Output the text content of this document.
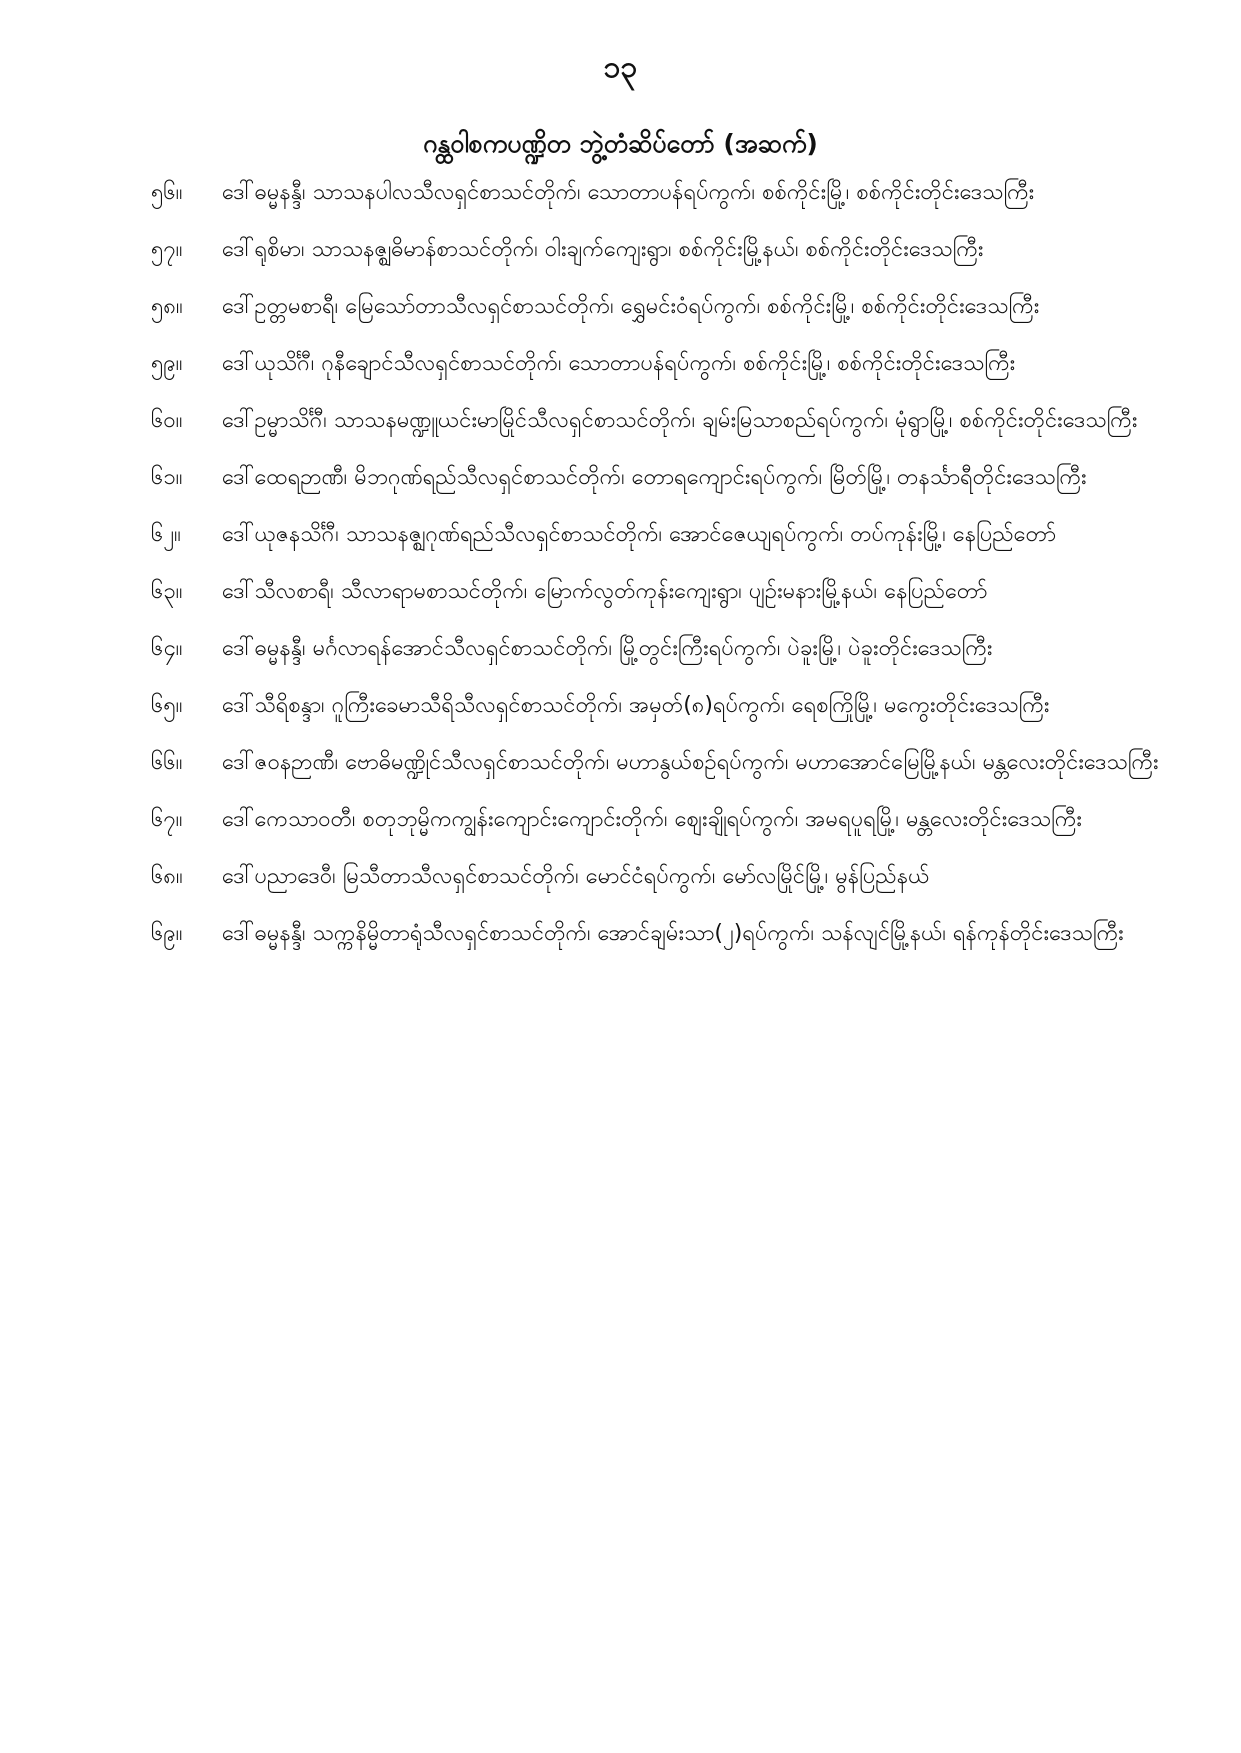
၁၃
ဂန္ထဝါစကပဏ္ဍိတ ဘွဲ့တံဆိပ်တော် (အဆက်)
၅၆။	ဒေါ်ဓမ္မနန္ဒီ၊ သာသနပါလသီလရှင်စာသင်တိုက်၊ သောတာပန်ရပ်ကွက်၊ စစ်ကိုင်းမြို့၊ စစ်ကိုင်းတိုင်းဒေသကြီး
၅၇။	ဒေါ်ရုစိမာ၊ သာသနဇ္ဈဓိမာန်စာသင်တိုက်၊ ဝါးချက်ကျေးရွာ၊ စစ်ကိုင်းမြို့နယ်၊ စစ်ကိုင်းတိုင်းဒေသကြီး
၅၈။	ဒေါ်ဥတ္တမစာရီ၊ မြေသော်တာသီလရှင်စာသင်တိုက်၊ ရွှေမင်းဝံရပ်ကွက်၊ စစ်ကိုင်းမြို့၊ စစ်ကိုင်းတိုင်းဒေသကြီး
၅၉။	ဒေါ်ယုသိင်္ဂီ၊ ဂုနီချောင်သီလရှင်စာသင်တိုက်၊ သောတာပန်ရပ်ကွက်၊ စစ်ကိုင်းမြို့၊ စစ်ကိုင်းတိုင်းဒေသကြီး
၆၀။	ဒေါ်ဥမ္မာသိင်္ဂီ၊ သာသနမဏ္ဍူယင်းမာမြိုင်သီလရှင်စာသင်တိုက်၊ ချမ်းမြသာစည်ရပ်ကွက်၊ မုံရွာမြို့၊ စစ်ကိုင်းတိုင်းဒေသကြီး
၆၁။	ဒေါ်ထေရဉာဏီ၊ မိဘဂုဏ်ရည်သီလရှင်စာသင်တိုက်၊ တောရကျောင်းရပ်ကွက်၊ မြိတ်မြို့၊ တနင်္သာရီတိုင်းဒေသကြီး
၆၂။	ဒေါ်ယုဇနသိင်္ဂီ၊ သာသနဇ္ဈဂုဏ်ရည်သီလရှင်စာသင်တိုက်၊ အောင်ဇေယျရပ်ကွက်၊ တပ်ကုန်းမြို့၊ နေပြည်တော်
၆၃။	ဒေါ်သီလစာရီ၊ သီလာရာမစာသင်တိုက်၊ မြောက်လွတ်ကုန်းကျေးရွာ၊ ပျဉ်းမနားမြို့နယ်၊ နေပြည်တော်
၆၄။	ဒေါ်ဓမ္မနန္ဒီ၊ မင်္ဂလာရန်အောင်သီလရှင်စာသင်တိုက်၊ မြို့တွင်းကြီးရပ်ကွက်၊ ပဲခူးမြို့၊ ပဲခူးတိုင်းဒေသကြီး
၆၅။	ဒေါ်သီရိစန္ဒာ၊ ဂူကြီးခေမာသီရိသီလရှင်စာသင်တိုက်၊ အမှတ်(၈)ရပ်ကွက်၊ ရေစကြိုမြို့၊ မကွေးတိုင်းဒေသကြီး
၆၆။	ဒေါ်ဇဝနဉာဏီ၊ ဗောဓိမဏ္ဍိုင်သီလရှင်စာသင်တိုက်၊ မဟာနွယ်စဉ်ရပ်ကွက်၊ မဟာအောင်မြေမြို့နယ်၊ မန္တလေးတိုင်းဒေသကြီး
၆၇။	ဒေါ်ကေသာဝတီ၊ စတုဘုမ္မိကကျွန်းကျောင်းကျောင်းတိုက်၊ ဈေးချိုရပ်ကွက်၊ အမရပူရမြို့၊ မန္တလေးတိုင်းဒေသကြီး
၆၈။	ဒေါ်ပညာဒေဝီ၊ မြသီတာသီလရှင်စာသင်တိုက်၊ မောင်ငံရပ်ကွက်၊ မော်လမြိုင်မြို့၊ မွန်ပြည်နယ်
၆၉။	ဒေါ်ဓမ္မနန္ဒီ၊ သက္ကနိမ္မိတာရုံသီလရှင်စာသင်တိုက်၊ အောင်ချမ်းသာ(၂)ရပ်ကွက်၊ သန်လျင်မြို့နယ်၊ ရန်ကုန်တိုင်းဒေသကြီး
